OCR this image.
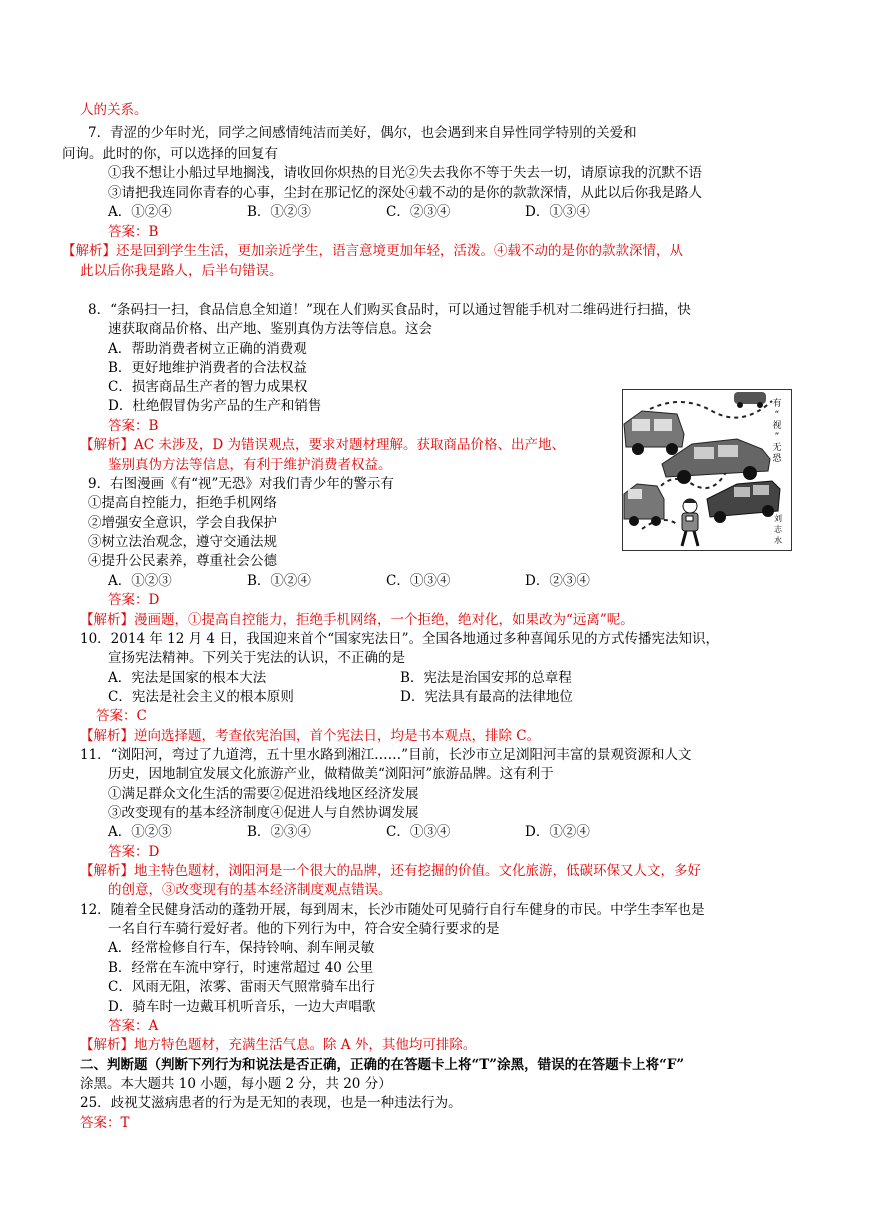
人的关系。
7．青涩的少年时光，同学之间感情纯洁而美好，偶尔，也会遇到来自异性同学特别的关爱和
问询。此时的你，可以选择的回复有
①我不想让小船过早地搁浅，请收回你炽热的目光②失去我你不等于失去一切，请原谅我的沉默不语
③请把我连同你青春的心事，尘封在那记忆的深处④载不动的是你的款款深情，从此以后你我是路人
A．①②④	B．①②③	C．②③④	D．①③④
答案：B
【解析】还是回到学生生活，更加亲近学生，语言意境更加年轻，活泼。④载不动的是你的款款深情，从
此以后你我是路人，后半句错误。
8．“条码扫一扫，食品信息全知道！”现在人们购买食品时，可以通过智能手机对二维码进行扫描，快
速获取商品价格、出产地、鉴别真伪方法等信息。这会
A．帮助消费者树立正确的消费观
B．更好地维护消费者的合法权益
C．损害商品生产者的智力成果权
D．杜绝假冒伪劣产品的生产和销售
答案：B
【解析】AC 未涉及，D 为错误观点，要求对题材理解。获取商品价格、出产地、
鉴别真伪方法等信息，有利于维护消费者权益。
有
“
视
”
无
恐
刘
志
水
9．右图漫画《有“视”无恐》对我们青少年的警示有
①提高自控能力，拒绝手机网络
②增强安全意识，学会自我保护
③树立法治观念，遵守交通法规
④提升公民素养，尊重社会公德
A．①②③	B．①②④	C．①③④	D．②③④
答案：D
【解析】漫画题，①提高自控能力，拒绝手机网络，一个拒绝，绝对化，如果改为“远离”呢。
10．2014 年 12 月 4 日，我国迎来首个“国家宪法日”。全国各地通过多种喜闻乐见的方式传播宪法知识，
宣扬宪法精神。下列关于宪法的认识，不正确的是
A．宪法是国家的根本大法	B．宪法是治国安邦的总章程
C．宪法是社会主义的根本原则	D．宪法具有最高的法律地位
答案：C
【解析】逆向选择题，考查依宪治国，首个宪法日，均是书本观点，排除 C。
11．“浏阳河，弯过了九道湾，五十里水路到湘江……”目前，长沙市立足浏阳河丰富的景观资源和人文
历史，因地制宜发展文化旅游产业，做精做美“浏阳河”旅游品牌。这有利于
①满足群众文化生活的需要②促进沿线地区经济发展
③改变现有的基本经济制度④促进人与自然协调发展
A．①②③	B．②③④	C．①③④	D．①②④
答案：D
【解析】地主特色题材，浏阳河是一个很大的品牌，还有挖掘的价值。文化旅游，低碳环保又人文，多好
的创意，③改变现有的基本经济制度观点错误。
12．随着全民健身活动的蓬勃开展，每到周末，长沙市随处可见骑行自行车健身的市民。中学生李军也是
一名自行车骑行爱好者。他的下列行为中，符合安全骑行要求的是
A．经常检修自行车，保持铃响、刹车闸灵敏
B．经常在车流中穿行，时速常超过 40 公里
C．风雨无阻，浓雾、雷雨天气照常骑车出行
D．骑车时一边戴耳机听音乐，一边大声唱歌
答案：A
【解析】地方特色题材，充满生活气息。除 A 外，其他均可排除。
二、判断题（判断下列行为和说法是否正确，正确的在答题卡上将“T”涂黑，错误的在答题卡上将“F”
涂黑。本大题共 10 小题，每小题 2 分，共 20 分）
25．歧视艾滋病患者的行为是无知的表现，也是一种违法行为。
答案：T
